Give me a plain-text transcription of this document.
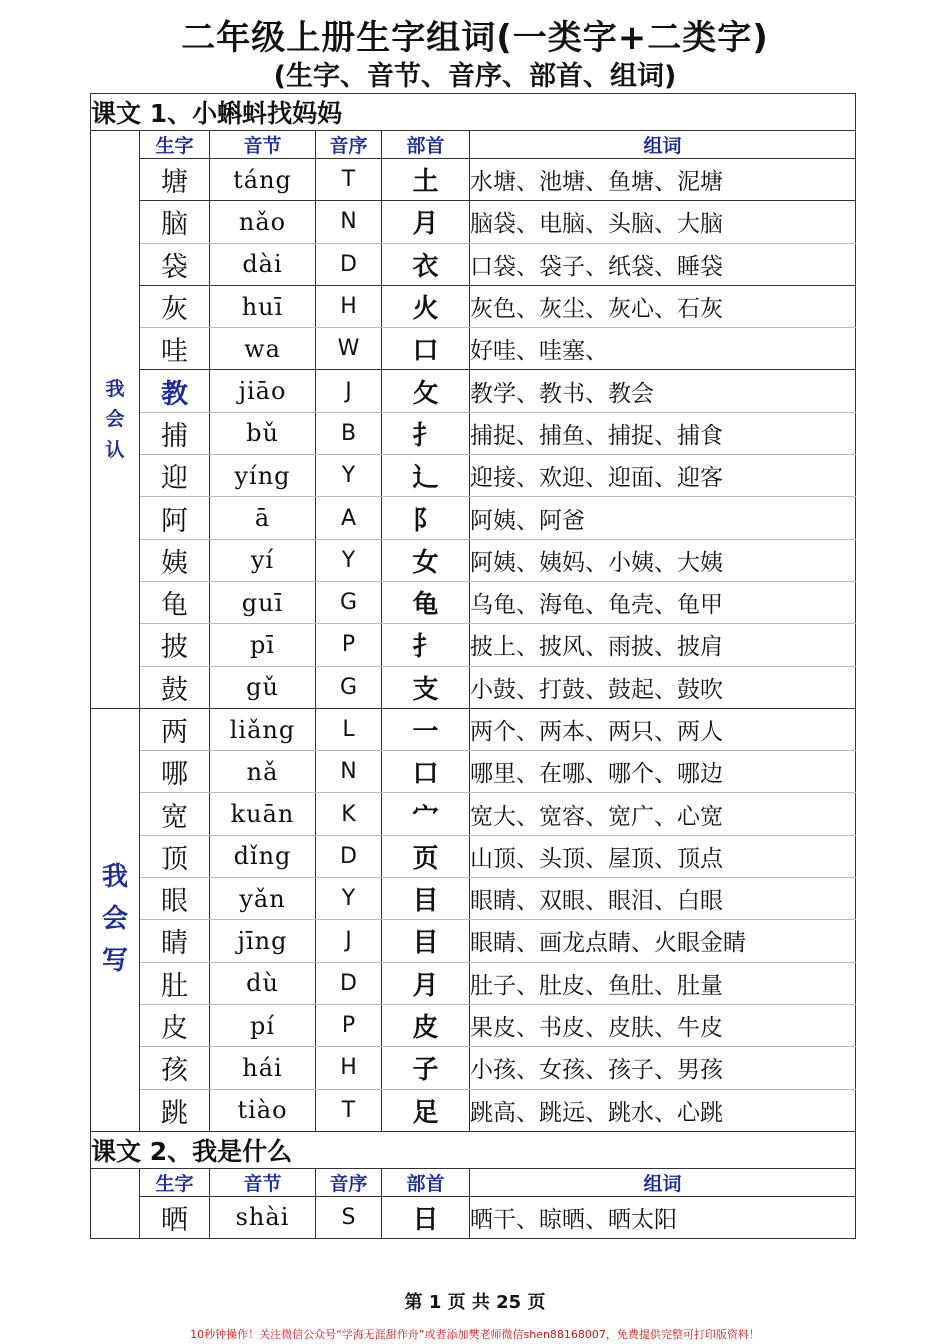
二年级上册生字组词(一类字+二类字)
(生字、音节、音序、部首、组词)
课文 1、小蝌蚪找妈妈					

我
会
认	生字	音节	音序	部首	组词
	塘	táng	T	土	水塘、池塘、鱼塘、泥塘
	脑	nǎo	N	月	脑袋、电脑、头脑、大脑
	袋	dài	D	衣	口袋、袋子、纸袋、睡袋
	灰	huī	H	火	灰色、灰尘、灰心、石灰
	哇	wa	W	口	好哇、哇塞、
	教	jiāo	J	攵	教学、教书、教会
	捕	bǔ	B	扌	捕捉、捕鱼、捕捉、捕食
	迎	yíng	Y	辶	迎接、欢迎、迎面、迎客
	阿	ā	A	阝	阿姨、阿爸
	姨	yí	Y	女	阿姨、姨妈、小姨、大姨
	龟	guī	G	龟	乌龟、海龟、龟壳、龟甲
	披	pī	P	扌	披上、披风、雨披、披肩
	鼓	gǔ	G	支	小鼓、打鼓、鼓起、鼓吹

我
会
写	两	liǎng	L	一	两个、两本、两只、两人
	哪	nǎ	N	口	哪里、在哪、哪个、哪边
	宽	kuān	K	宀	宽大、宽容、宽广、心宽
	顶	dǐng	D	页	山顶、头顶、屋顶、顶点
	眼	yǎn	Y	目	眼睛、双眼、眼泪、白眼
	睛	jīng	J	目	眼睛、画龙点睛、火眼金睛
	肚	dù	D	月	肚子、肚皮、鱼肚、肚量
	皮	pí	P	皮	果皮、书皮、皮肤、牛皮
	孩	hái	H	子	小孩、女孩、孩子、男孩
	跳	tiào	T	足	跳高、跳远、跳水、心跳
课文 2、我是什么					
	生字	音节	音序	部首	组词
	晒	shài	S	日	晒干、晾晒、晒太阳
第 1 页 共 25 页
10秒钟操作！关注微信公众号“学海无涯甜作舟”或者添加樊老师微信shen88168007，免费提供完整可打印版资料！
